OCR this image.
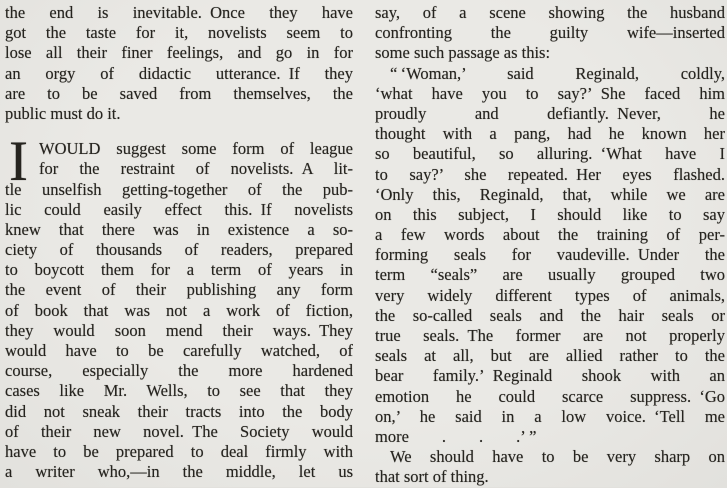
the end is inevitable. Once they have
got the taste for it, novelists seem to
lose all their finer feelings, and go in for
an orgy of didactic utterance. If they
are to be saved from themselves, the
public must do it.
I WOULD suggest some form of league
for the restraint of novelists. A lit-
tle unselfish getting-together of the pub-
lic could easily effect this. If novelists
knew that there was in existence a so-
ciety of thousands of readers, prepared
to boycott them for a term of years in
the event of their publishing any form
of book that was not a work of fiction,
they would soon mend their ways. They
would have to be carefully watched, of
course, especially the more hardened
cases like Mr. Wells, to see that they
did not sneak their tracts into the body
of their new novel. The Society would
have to be prepared to deal firmly with
a writer who,—in the middle, let us
say, of a scene showing the husband
confronting the guilty wife—inserted
some such passage as this:
“ ‘Woman,’ said Reginald, coldly,
‘what have you to say?’ She faced him
proudly and defiantly. Never, he
thought with a pang, had he known her
so beautiful, so alluring. ‘What have I
to say?’ she repeated. Her eyes flashed.
‘Only this, Reginald, that, while we are
on this subject, I should like to say
a few words about the training of per-
forming seals for vaudeville. Under the
term “seals” are usually grouped two
very widely different types of animals,
the so-called seals and the hair seals or
true seals. The former are not properly
seals at all, but are allied rather to the
bear family.’ Reginald shook with an
emotion he could scarce suppress. ‘Go
on,’ he said in a low voice. ‘Tell me
more  .  .  .’ ”
We should have to be very sharp on
that sort of thing.
